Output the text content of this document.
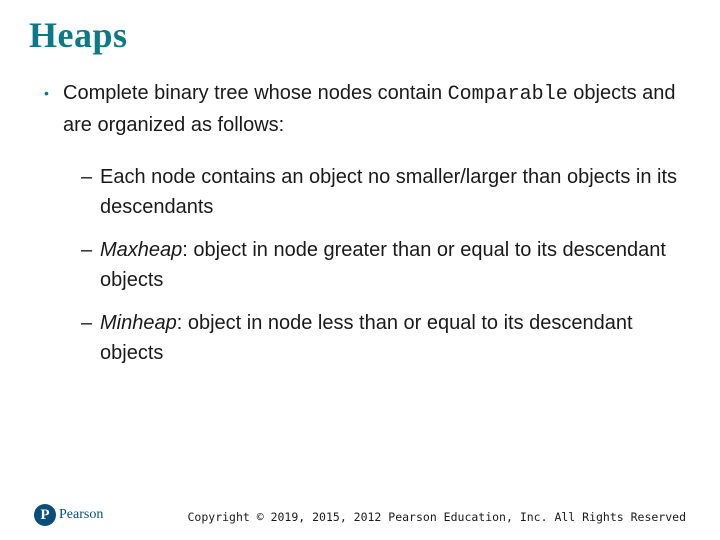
Heaps
• Complete binary tree whose nodes contain Comparable objects and are organized as follows:
– Each node contains an object no smaller/larger than objects in its descendants
– Maxheap: object in node greater than or equal to its descendant objects
– Minheap: object in node less than or equal to its descendant objects
P Pearson	Copyright © 2019, 2015, 2012 Pearson Education, Inc. All Rights Reserved
